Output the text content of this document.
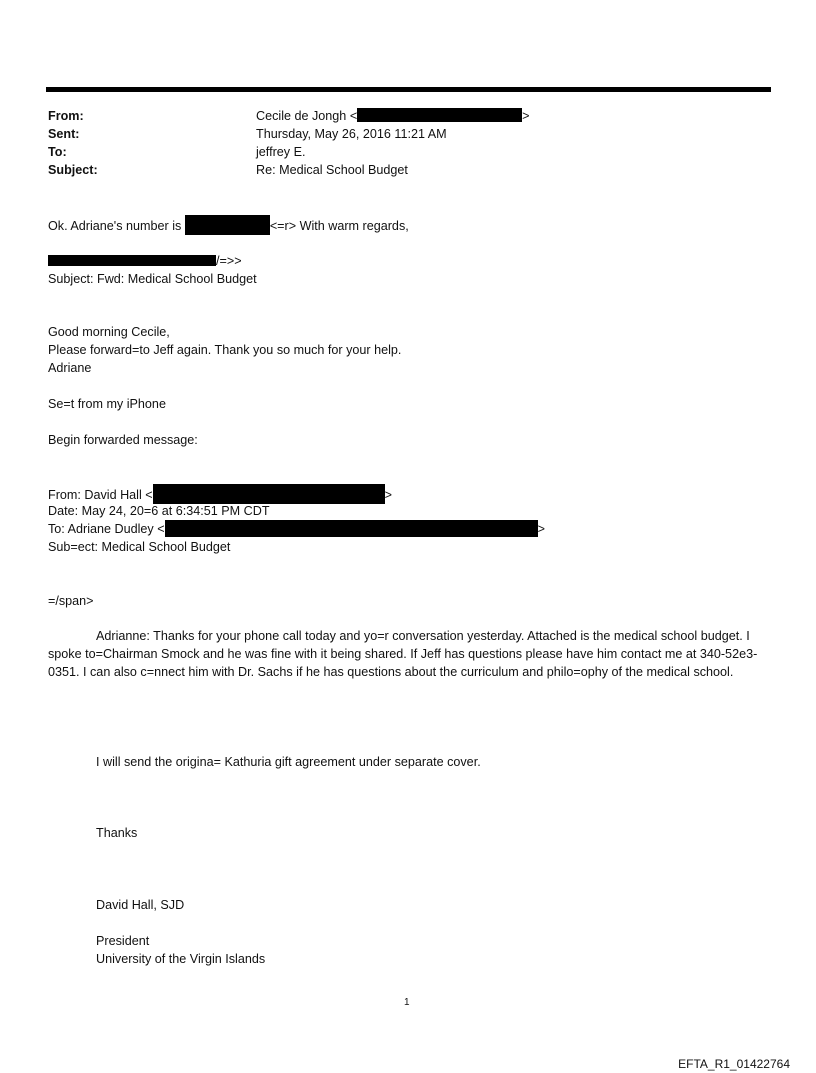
From:	Cecile de Jongh <	>
Sent:	Thursday, May 26, 2016 11:21 AM
To:	jeffrey E.
Subject:	Re: Medical School Budget
Ok. Adriane's number is	<=r> With warm regards,
/=>>
Subject: Fwd: Medical School Budget
Good morning Cecile,
Please forward=to Jeff again. Thank you so much for your help.
Adriane
Se=t from my iPhone
Begin forwarded message:
From: David Hall <	>
Date: May 24, 20=6 at 6:34:51 PM CDT
To: Adriane Dudley <	>
Sub=ect: Medical School Budget
=/span>
Adrianne: Thanks for your phone call today and yo=r conversation yesterday. Attached is the medical school budget. I spoke to=Chairman Smock and he was fine with it being shared. If Jeff has questions please have him contact me at 340-52e3-0351. I can also c=nnect him with Dr. Sachs if he has questions about the curriculum and philo=ophy of the medical school.
I will send the origina= Kathuria gift agreement under separate cover.
Thanks
David Hall, SJD
President
University of the Virgin Islands
1
EFTA_R1_01422764
